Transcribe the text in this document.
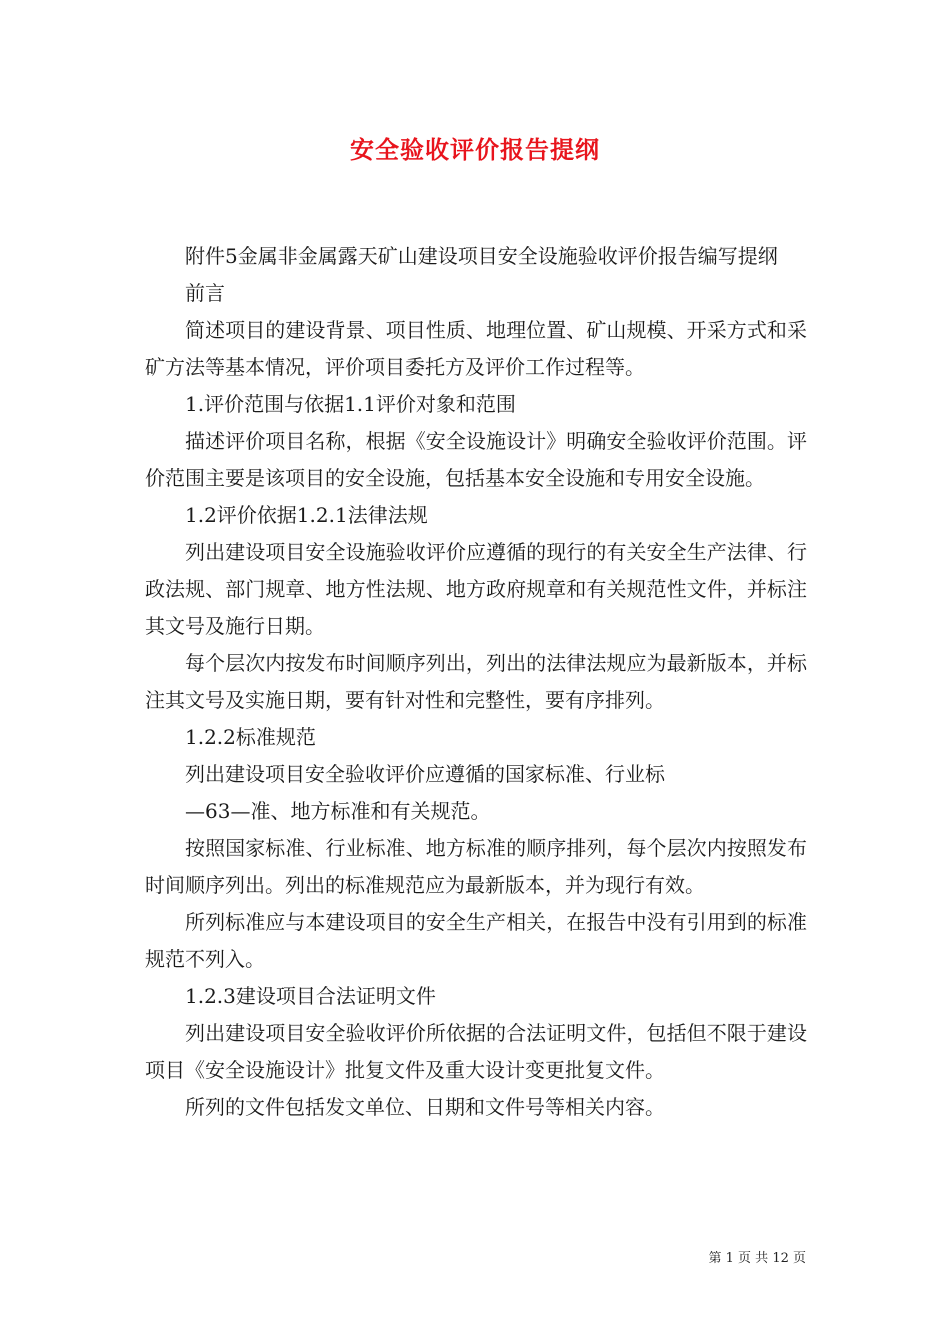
安全验收评价报告提纲

附件5金属非金属露天矿山建设项目安全设施验收评价报告编写提纲

前言

简述项目的建设背景、项目性质、地理位置、矿山规模、开采方式和采矿方法等基本情况，评价项目委托方及评价工作过程等。

1.评价范围与依据1.1评价对象和范围

描述评价项目名称，根据《安全设施设计》明确安全验收评价范围。评价范围主要是该项目的安全设施，包括基本安全设施和专用安全设施。

1.2评价依据1.2.1法律法规

列出建设项目安全设施验收评价应遵循的现行的有关安全生产法律、行政法规、部门规章、地方性法规、地方政府规章和有关规范性文件，并标注其文号及施行日期。

每个层次内按发布时间顺序列出，列出的法律法规应为最新版本，并标注其文号及实施日期，要有针对性和完整性，要有序排列。

1.2.2标准规范

列出建设项目安全验收评价应遵循的国家标准、行业标

—63—准、地方标准和有关规范。

按照国家标准、行业标准、地方标准的顺序排列，每个层次内按照发布时间顺序列出。列出的标准规范应为最新版本，并为现行有效。

所列标准应与本建设项目的安全生产相关，在报告中没有引用到的标准规范不列入。

1.2.3建设项目合法证明文件

列出建设项目安全验收评价所依据的合法证明文件，包括但不限于建设项目《安全设施设计》批复文件及重大设计变更批复文件。

所列的文件包括发文单位、日期和文件号等相关内容。

第 1 页 共 12 页
